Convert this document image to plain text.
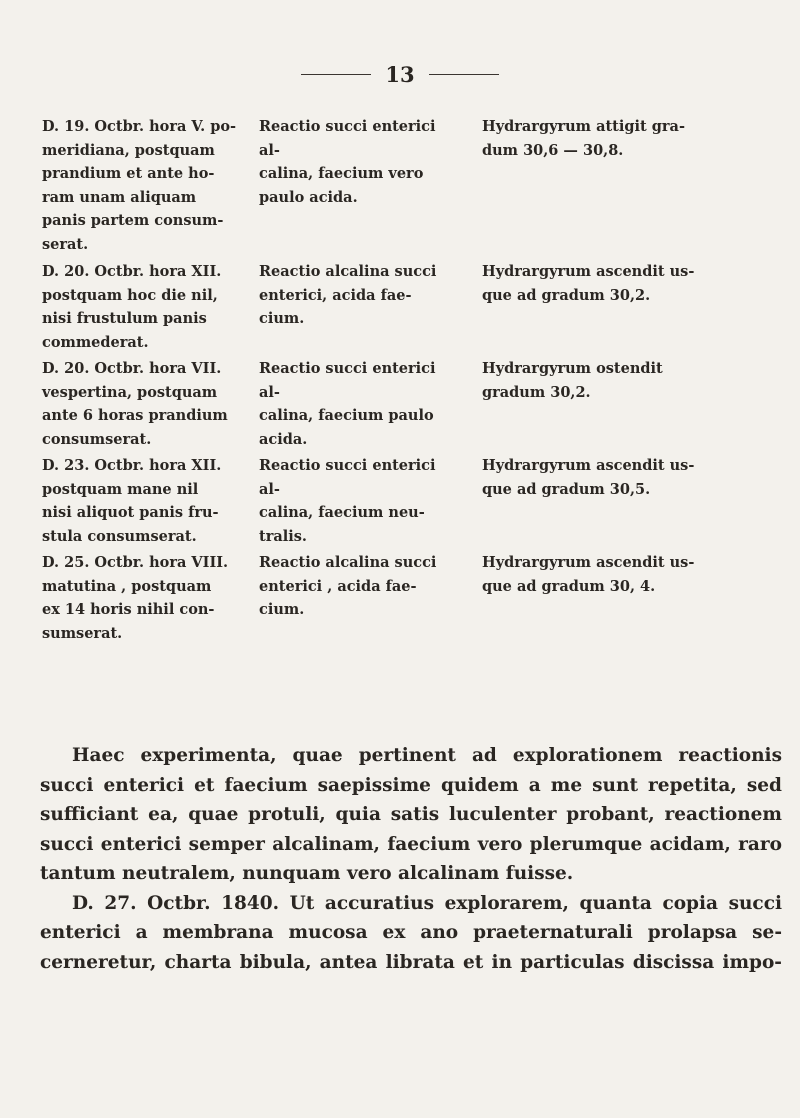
13
D. 19. Octbr. hora V. po-
meridiana, postquam
prandium et ante ho-
ram unam aliquam
panis partem consum-
serat.
Reactio succi enterici al-
calina, faecium vero
paulo acida.
Hydrargyrum attigit gra-
dum 30,6 — 30,8.
D. 20. Octbr. hora XII.
postquam hoc die nil,
nisi frustulum panis
commederat.
Reactio alcalina succi
enterici, acida fae-
cium.
Hydrargyrum ascendit us-
que ad gradum 30,2.
D. 20. Octbr. hora VII.
vespertina, postquam
ante 6 horas prandium
consumserat.
Reactio succi enterici al-
calina, faecium paulo
acida.
Hydrargyrum ostendit
gradum 30,2.
D. 23. Octbr. hora XII.
postquam mane nil
nisi aliquot panis fru-
stula consumserat.
Reactio succi enterici al-
calina, faecium neu-
tralis.
Hydrargyrum ascendit us-
que ad gradum 30,5.
D. 25. Octbr. hora VIII.
matutina , postquam
ex 14 horis nihil con-
sumserat.
Reactio alcalina succi
enterici , acida fae-
cium.
Hydrargyrum ascendit us-
que ad gradum 30, 4.

Haec experimenta, quae pertinent ad explorationem reactionis succi enterici et faecium saepissime quidem a me sunt repetita, sed sufficiant ea, quae protuli, quia satis luculenter probant, reactionem succi enterici semper alcalinam, faecium vero plerumque acidam, raro tantum neutralem, nunquam vero alcalinam fuisse.

D. 27. Octbr. 1840. Ut accuratius explorarem, quanta copia succi enterici a membrana mucosa ex ano praeternaturali prolapsa se- cerneretur, charta bibula, antea librata et in particulas discissa impo-
